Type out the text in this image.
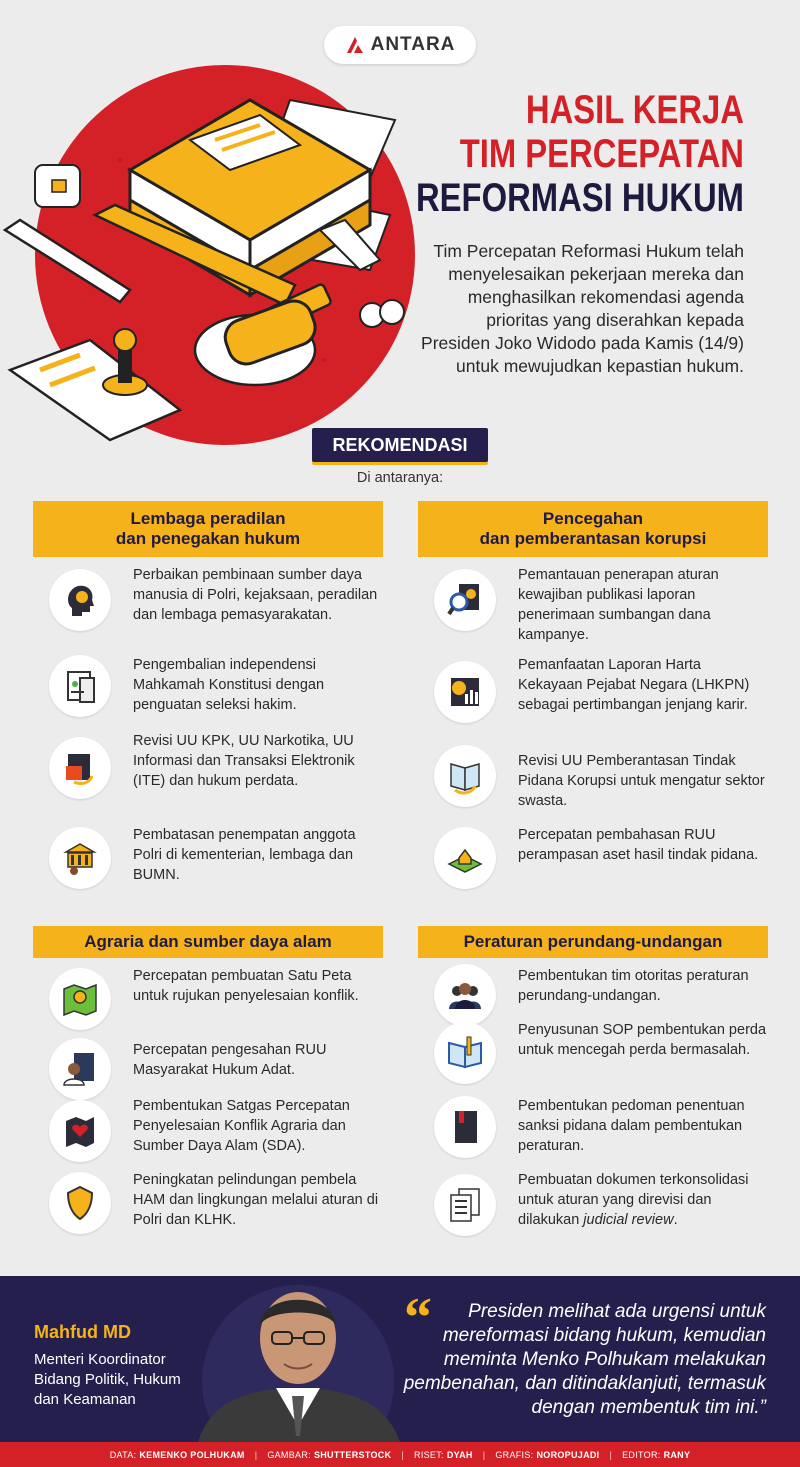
ANTARA
HASIL KERJA
TIM PERCEPATAN
REFORMASI HUKUM
Tim Percepatan Reformasi Hukum telah menyelesaikan pekerjaan mereka dan menghasilkan rekomendasi agenda prioritas yang diserahkan kepada Presiden Joko Widodo pada Kamis (14/9) untuk mewujudkan kepastian hukum.
REKOMENDASI
Di antaranya:
Lembaga peradilan
dan penegakan hukum
Perbaikan pembinaan sumber daya manusia di Polri, kejaksaan, peradilan dan lembaga pemasyarakatan.
Pengembalian independensi Mahkamah Konstitusi dengan penguatan seleksi hakim.
Revisi UU KPK, UU Narkotika, UU Informasi dan Transaksi Elektronik (ITE) dan hukum perdata.
Pembatasan penempatan anggota Polri di kementerian, lembaga dan BUMN.
Pencegahan
dan pemberantasan korupsi
Pemantauan penerapan aturan kewajiban publikasi laporan penerimaan sumbangan dana kampanye.
Pemanfaatan Laporan Harta Kekayaan Pejabat Negara (LHKPN) sebagai pertimbangan jenjang karir.
Revisi UU Pemberantasan Tindak Pidana Korupsi untuk mengatur sektor swasta.
Percepatan pembahasan RUU perampasan aset hasil tindak pidana.
Agraria dan sumber daya alam
Percepatan pembuatan Satu Peta untuk rujukan penyelesaian konflik.
Percepatan pengesahan RUU Masyarakat Hukum Adat.
Pembentukan Satgas Percepatan Penyelesaian Konflik Agraria dan Sumber Daya Alam (SDA).
Peningkatan pelindungan pembela HAM dan lingkungan melalui aturan di Polri dan KLHK.
Peraturan perundang-undangan
Pembentukan tim otoritas peraturan perundang-undangan.
Penyusunan SOP pembentukan perda untuk mencegah perda bermasalah.
Pembentukan pedoman penentuan sanksi pidana dalam pembentukan peraturan.
Pembuatan dokumen terkonsolidasi untuk aturan yang direvisi dan dilakukan judicial review.
Mahfud MD
Menteri Koordinator Bidang Politik, Hukum dan Keamanan
“	Presiden melihat ada urgensi untuk mereformasi bidang hukum, kemudian meminta Menko Polhukam melakukan pembenahan, dan ditindaklanjuti, termasuk dengan membentuk tim ini.”
DATA: KEMENKO POLHUKAM | GAMBAR: SHUTTERSTOCK | RISET: DYAH | GRAFIS: NOROPUJADI | EDITOR: RANY
